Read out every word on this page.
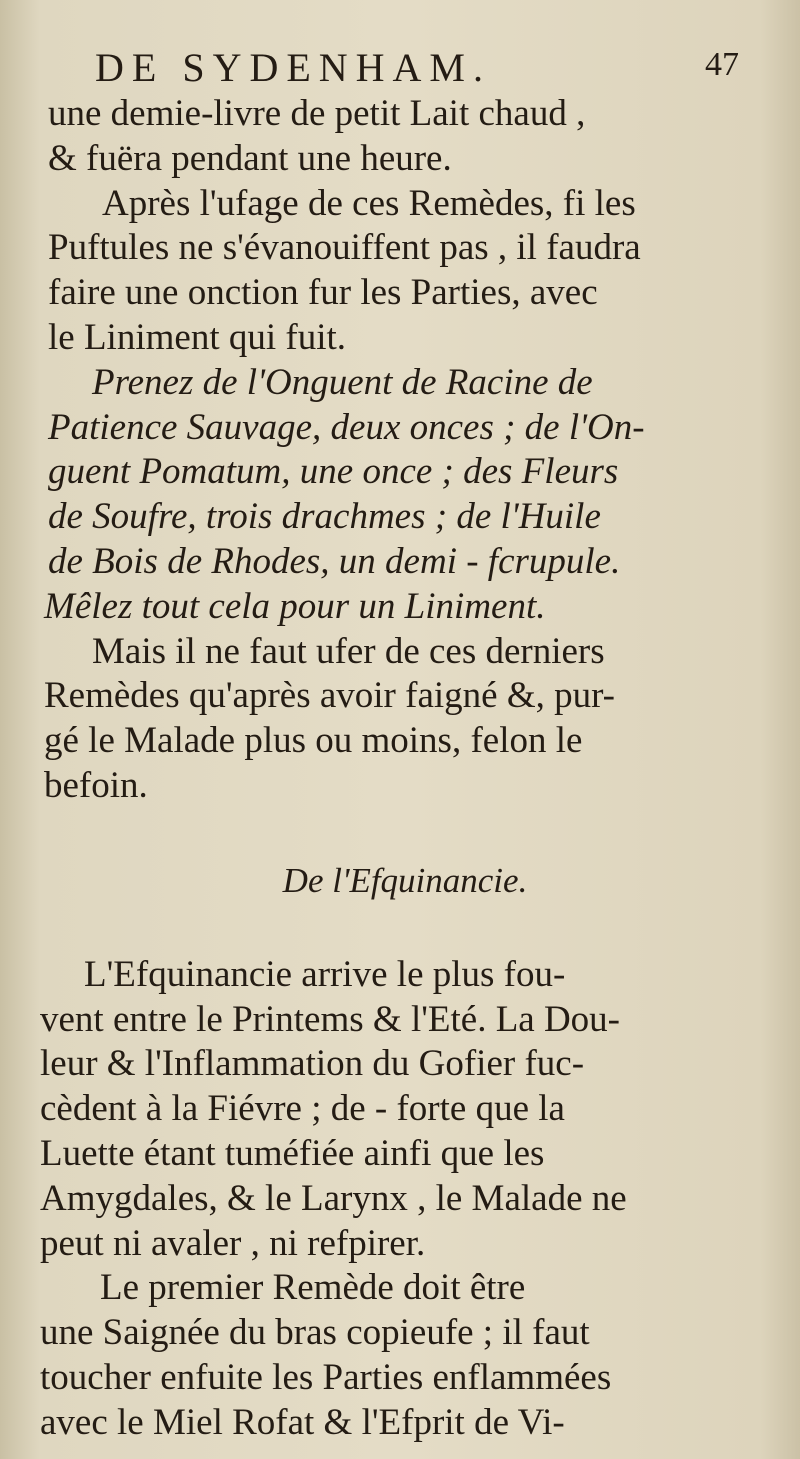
DE SYDENHAM.	47
une demie-livre de petit Lait chaud ,
& fuëra pendant une heure.
Après l'ufage de ces Remèdes, fi les
Puftules ne s'évanouiffent pas , il faudra
faire une onction fur les Parties, avec
le Liniment qui fuit.
Prenez de l'Onguent de Racine de
Patience Sauvage, deux onces ; de l'On-
guent Pomatum, une once ; des Fleurs
de Soufre, trois drachmes ; de l'Huile
de Bois de Rhodes, un demi - fcrupule.
Mêlez tout cela pour un Liniment.
Mais il ne faut ufer de ces derniers
Remèdes qu'après avoir faigné &, pur-
gé le Malade plus ou moins, felon le
befoin.
De l'Efquinancie.
L'Efquinancie arrive le plus fou-
vent entre le Printems & l'Eté. La Dou-
leur & l'Inflammation du Gofier fuc-
cèdent à la Fiévre ; de - forte que la
Luette étant tuméfiée ainfi que les
Amygdales, & le Larynx , le Malade ne
peut ni avaler , ni refpirer.
Le premier Remède doit être
une Saignée du bras copieufe ; il faut
toucher enfuite les Parties enflammées
avec le Miel Rofat & l'Efprit de Vi-
